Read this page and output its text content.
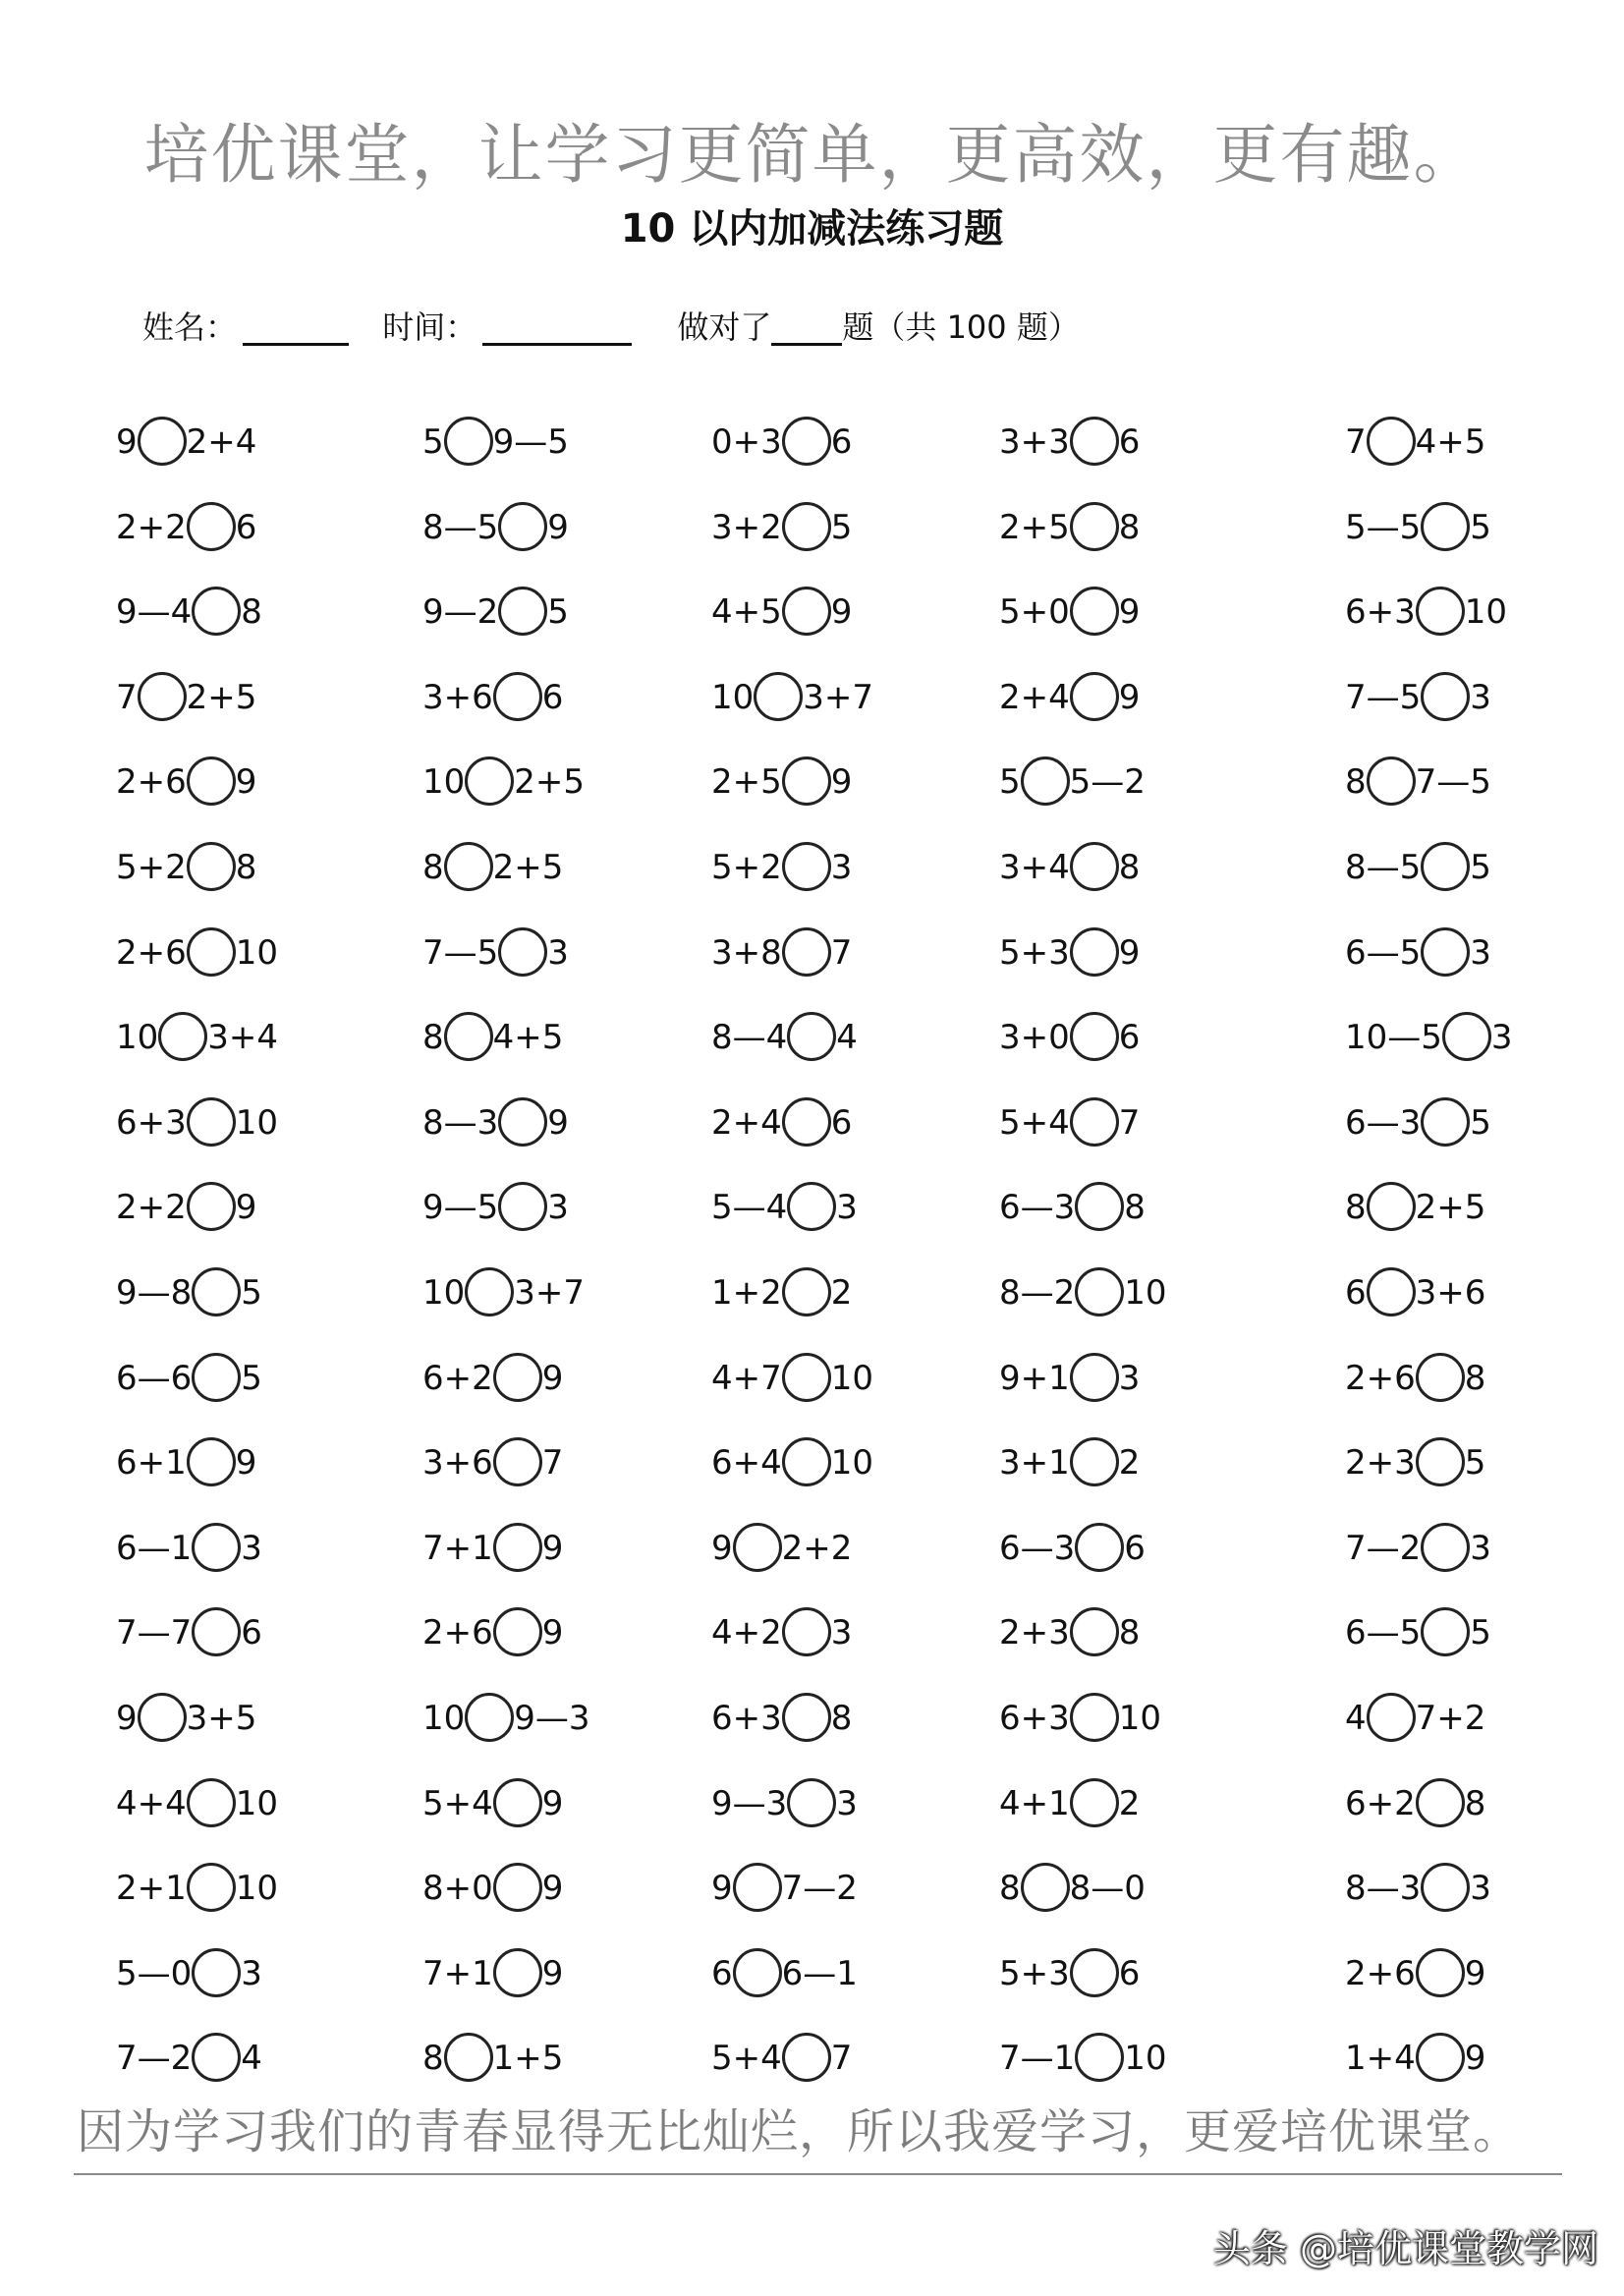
培优课堂，让学习更简单，更高效，更有趣。
10 以内加减法练习题
姓名：	时间：	做对了 题（共 100 题）
9 2+4	5 9—5	0+3 6	3+3 6	7 4+5
2+2 6	8—5 9	3+2 5	2+5 8	5—5 5
9—4 8	9—2 5	4+5 9	5+0 9	6+3 10
7 2+5	3+6 6	10 3+7	2+4 9	7—5 3
2+6 9	10 2+5	2+5 9	5 5—2	8 7—5
5+2 8	8 2+5	5+2 3	3+4 8	8—5 5
2+6 10	7—5 3	3+8 7	5+3 9	6—5 3
10 3+4	8 4+5	8—4 4	3+0 6	10—5 3
6+3 10	8—3 9	2+4 6	5+4 7	6—3 5
2+2 9	9—5 3	5—4 3	6—3 8	8 2+5
9—8 5	10 3+7	1+2 2	8—2 10	6 3+6
6—6 5	6+2 9	4+7 10	9+1 3	2+6 8
6+1 9	3+6 7	6+4 10	3+1 2	2+3 5
6—1 3	7+1 9	9 2+2	6—3 6	7—2 3
7—7 6	2+6 9	4+2 3	2+3 8	6—5 5
9 3+5	10 9—3	6+3 8	6+3 10	4 7+2
4+4 10	5+4 9	9—3 3	4+1 2	6+2 8
2+1 10	8+0 9	9 7—2	8 8—0	8—3 3
5—0 3	7+1 9	6 6—1	5+3 6	2+6 9
7—2 4	8 1+5	5+4 7	7—1 10	1+4 9
因为学习我们的青春显得无比灿烂，所以我爱学习，更爱培优课堂。
头条 @培优课堂教学网
